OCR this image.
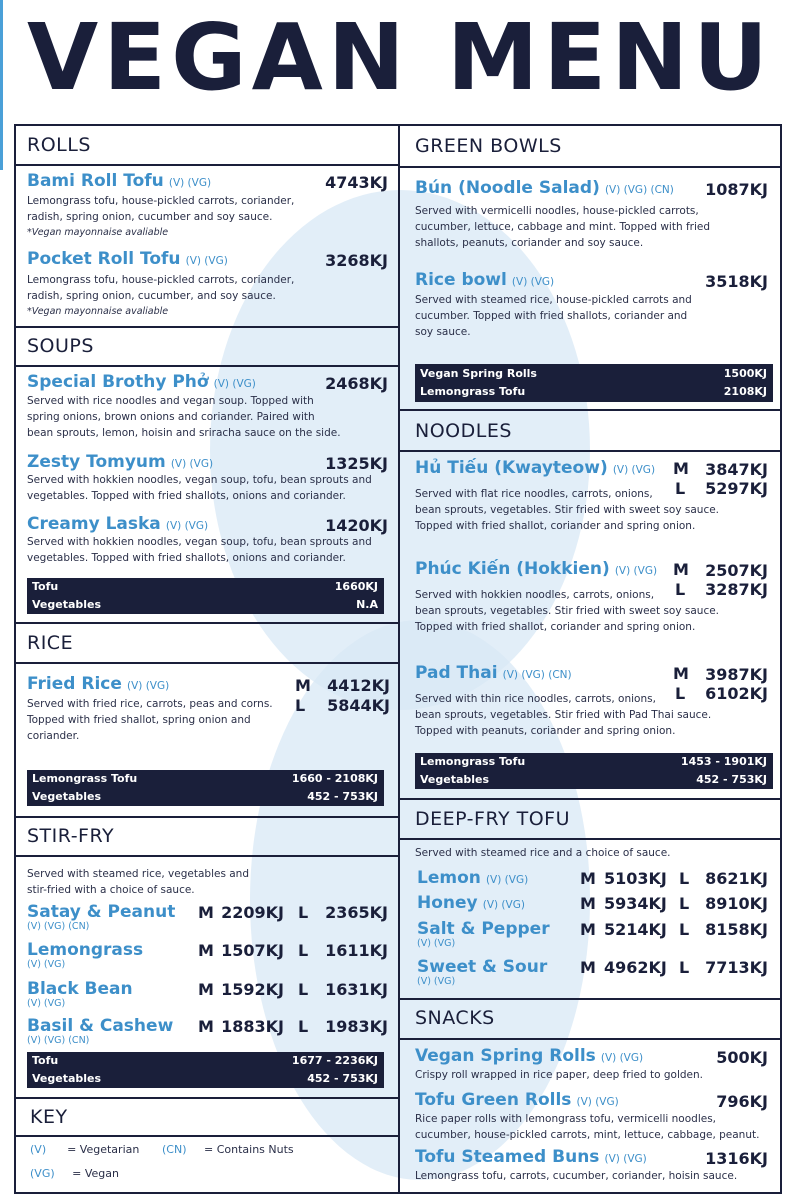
VEGAN MENU
ROLLS
Bami Roll Tofu (V) (VG)	4743KJ
Lemongrass tofu, house-pickled carrots, coriander,
radish, spring onion, cucumber and soy sauce.
*Vegan mayonnaise avaliable
Pocket Roll Tofu (V) (VG)	3268KJ
Lemongrass tofu, house-pickled carrots, coriander,
radish, spring onion, cucumber, and soy sauce.
*Vegan mayonnaise avaliable
SOUPS
Special Brothy Phở (V) (VG)	2468KJ
Served with rice noodles and vegan soup. Topped with
spring onions, brown onions and coriander. Paired with
bean sprouts, lemon, hoisin and sriracha sauce on the side.
Zesty Tomyum (V) (VG)	1325KJ
Served with hokkien noodles, vegan soup, tofu, bean sprouts and
vegetables. Topped with fried shallots, onions and coriander.
Creamy Laska (V) (VG)	1420KJ
Served with hokkien noodles, vegan soup, tofu, bean sprouts and
vegetables. Topped with fried shallots, onions and coriander.
Tofu	1660KJ
Vegetables	N.A
RICE
Fried Rice (V) (VG)	M 4412KJ
L 5844KJ
Served with fried rice, carrots, peas and corns.
Topped with fried shallot, spring onion and
coriander.
Lemongrass Tofu	1660 - 2108KJ
Vegetables	452 - 753KJ
STIR-FRY
Served with steamed rice, vegetables and
stir-fried with a choice of sauce.
Satay & Peanut
(V) (VG) (CN)
M 2209KJ L 2365KJ
Lemongrass
(V) (VG)
M 1507KJ L 1611KJ
Black Bean
(V) (VG)
M 1592KJ L 1631KJ
Basil & Cashew
(V) (VG) (CN)
M 1883KJ L 1983KJ
Tofu	1677 - 2236KJ
Vegetables	452 - 753KJ
KEY
(V) = Vegetarian (CN) = Contains Nuts
(VG) = Vegan
GREEN BOWLS
Bún (Noodle Salad) (V) (VG) (CN) 1087KJ
Served with vermicelli noodles, house-pickled carrots,
cucumber, lettuce, cabbage and mint. Topped with fried
shallots, peanuts, coriander and soy sauce.
Rice bowl (V) (VG)	3518KJ
Served with steamed rice, house-pickled carrots and
cucumber. Topped with fried shallots, coriander and
soy sauce.
Vegan Spring Rolls	1500KJ
Lemongrass Tofu	2108KJ
NOODLES
Hủ Tiếu (Kwayteow) (V) (VG) M 3847KJ
L 5297KJ
Served with flat rice noodles, carrots, onions,
bean sprouts, vegetables. Stir fried with sweet soy sauce.
Topped with fried shallot, coriander and spring onion.
Phúc Kiến (Hokkien) (V) (VG) M 2507KJ
L 3287KJ
Served with hokkien noodles, carrots, onions,
bean sprouts, vegetables. Stir fried with sweet soy sauce.
Topped with fried shallot, coriander and spring onion.
Pad Thai (V) (VG) (CN)	M 3987KJ
L 6102KJ
Served with thin rice noodles, carrots, onions,
bean sprouts, vegetables. Stir fried with Pad Thai sauce.
Topped with peanuts, coriander and spring onion.
Lemongrass Tofu	1453 - 1901KJ
Vegetables	452 - 753KJ
DEEP-FRY TOFU
Served with steamed rice and a choice of sauce.
Lemon (V) (VG)	M 5103KJ L 8621KJ
Honey (V) (VG)	M 5934KJ L 8910KJ
Salt & Pepper
(V) (VG)
M 5214KJ L 8158KJ
Sweet & Sour
(V) (VG)
M 4962KJ L 7713KJ
SNACKS
Vegan Spring Rolls (V) (VG)	500KJ
Crispy roll wrapped in rice paper, deep fried to golden.
Tofu Green Rolls (V) (VG)	796KJ
Rice paper rolls with lemongrass tofu, vermicelli noodles,
cucumber, house-pickled carrots, mint, lettuce, cabbage, peanut.
Tofu Steamed Buns (V) (VG)	1316KJ
Lemongrass tofu, carrots, cucumber, coriander, hoisin sauce.
